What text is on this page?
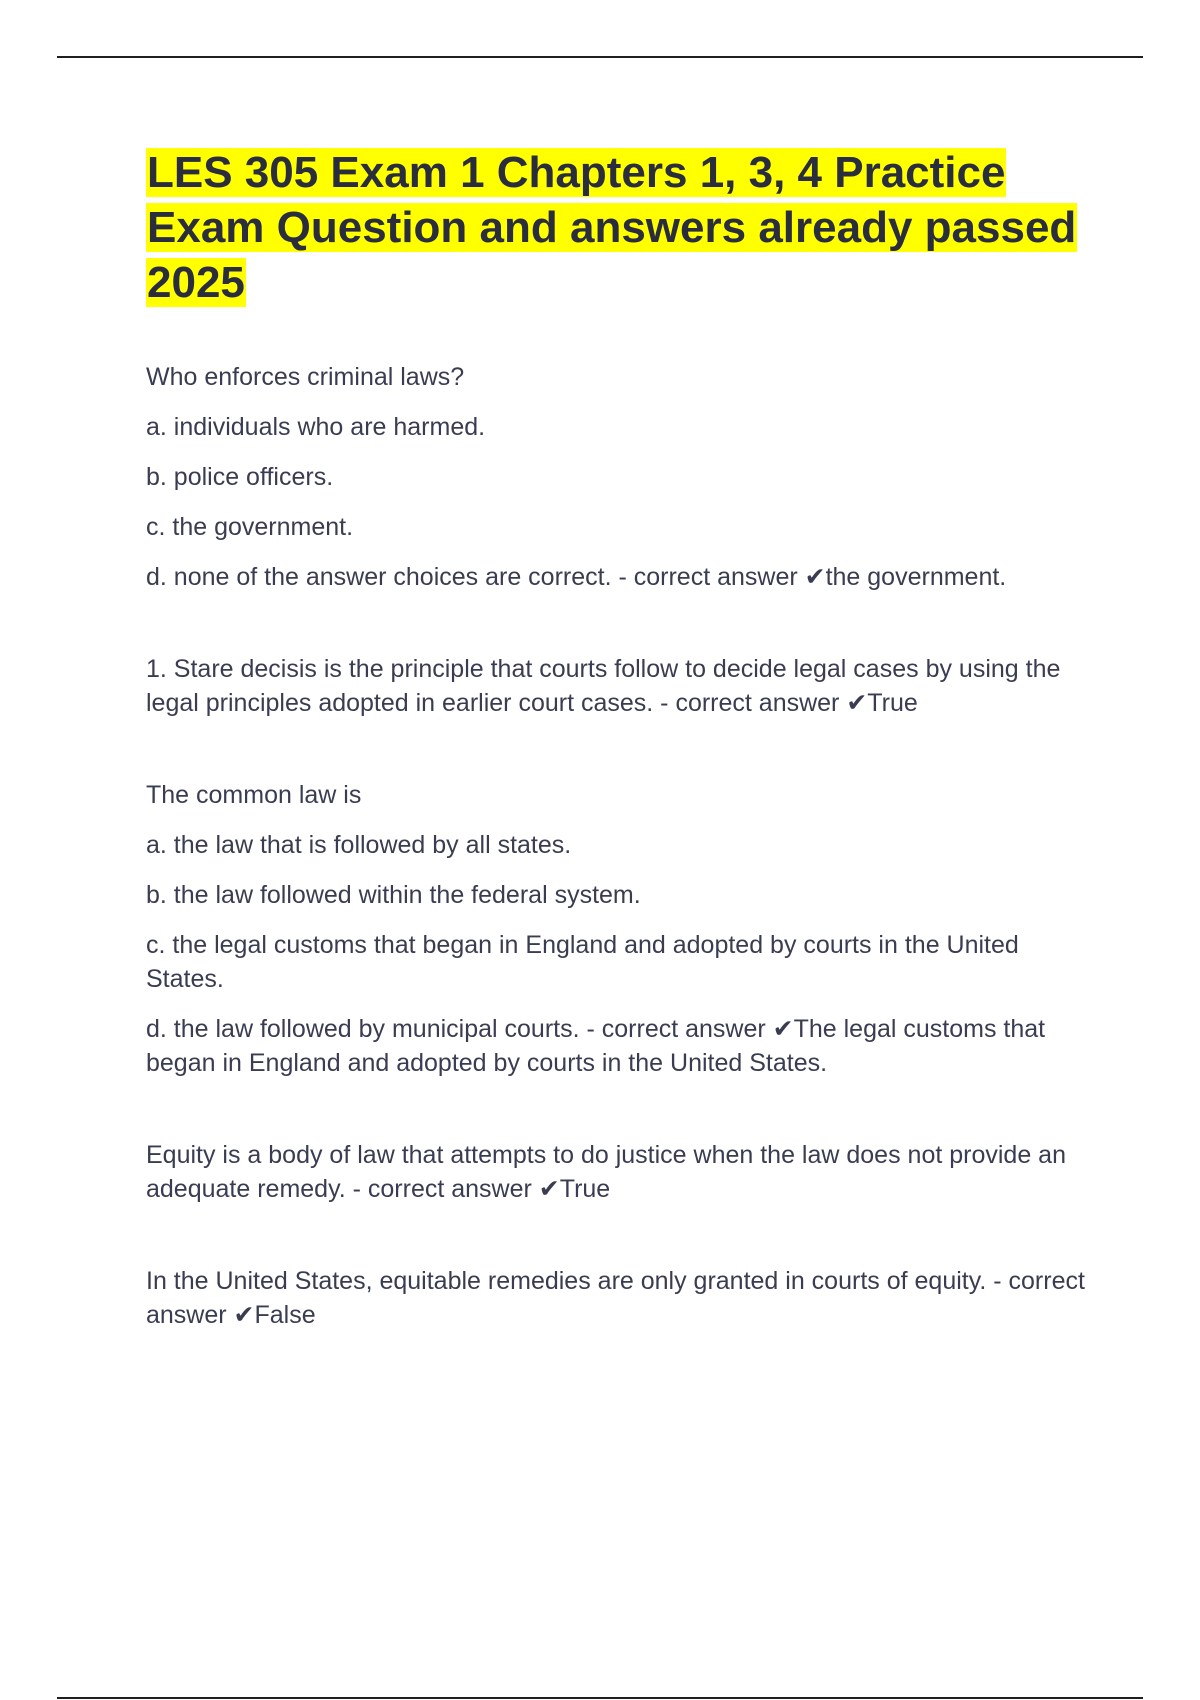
LES 305 Exam 1 Chapters 1, 3, 4 Practice Exam Question and answers already passed 2025

Who enforces criminal laws?

a. individuals who are harmed.

b. police officers.

c. the government.

d. none of the answer choices are correct. - correct answer ✔the government.

1. Stare decisis is the principle that courts follow to decide legal cases by using the legal principles adopted in earlier court cases. - correct answer ✔True

The common law is

a. the law that is followed by all states.

b. the law followed within the federal system.

c. the legal customs that began in England and adopted by courts in the United States.

d. the law followed by municipal courts. - correct answer ✔The legal customs that began in England and adopted by courts in the United States.

Equity is a body of law that attempts to do justice when the law does not provide an adequate remedy. - correct answer ✔True

In the United States, equitable remedies are only granted in courts of equity. - correct answer ✔False
